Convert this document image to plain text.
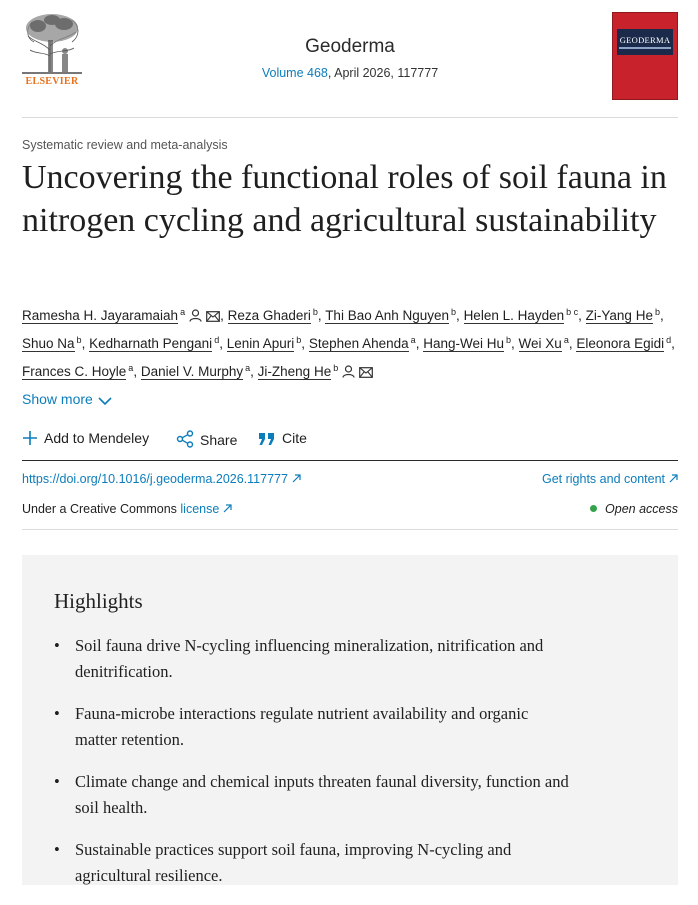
ELSEVIER
Geoderma
Volume 468, April 2026, 117777
GEODERMA
Systematic review and meta-analysis
Uncovering the functional roles of soil fauna in nitrogen cycling and agricultural sustainability
Ramesha H. Jayaramaiah $^a$	, Reza Ghaderi $^b$, Thi Bao Anh Nguyen $^b$, Helen L. Hayden $^{b c}$, Zi-Yang He $^b$, Shuo Na $^b$, Kedharnath Pengani $^d$, Lenin Apuri $^b$, Stephen Ahenda $^a$, Hang-Wei Hu $^b$, Wei Xu $^a$, Eleonora Egidi $^d$, Frances C. Hoyle $^a$, Daniel V. Murphy $^a$, Ji-Zheng He $^b$
Show more
Add to Mendeley	Share	Cite
https://doi.org/10.1016/j.geoderma.2026.117777	Get rights and content
Under a Creative Commons license	Open access
Highlights
• Soil fauna drive N-cycling influencing mineralization, nitrification and denitrification.
• Fauna-microbe interactions regulate nutrient availability and organic matter retention.
• Climate change and chemical inputs threaten faunal diversity, function and soil health.
• Sustainable practices support soil fauna, improving N-cycling and agricultural resilience.
